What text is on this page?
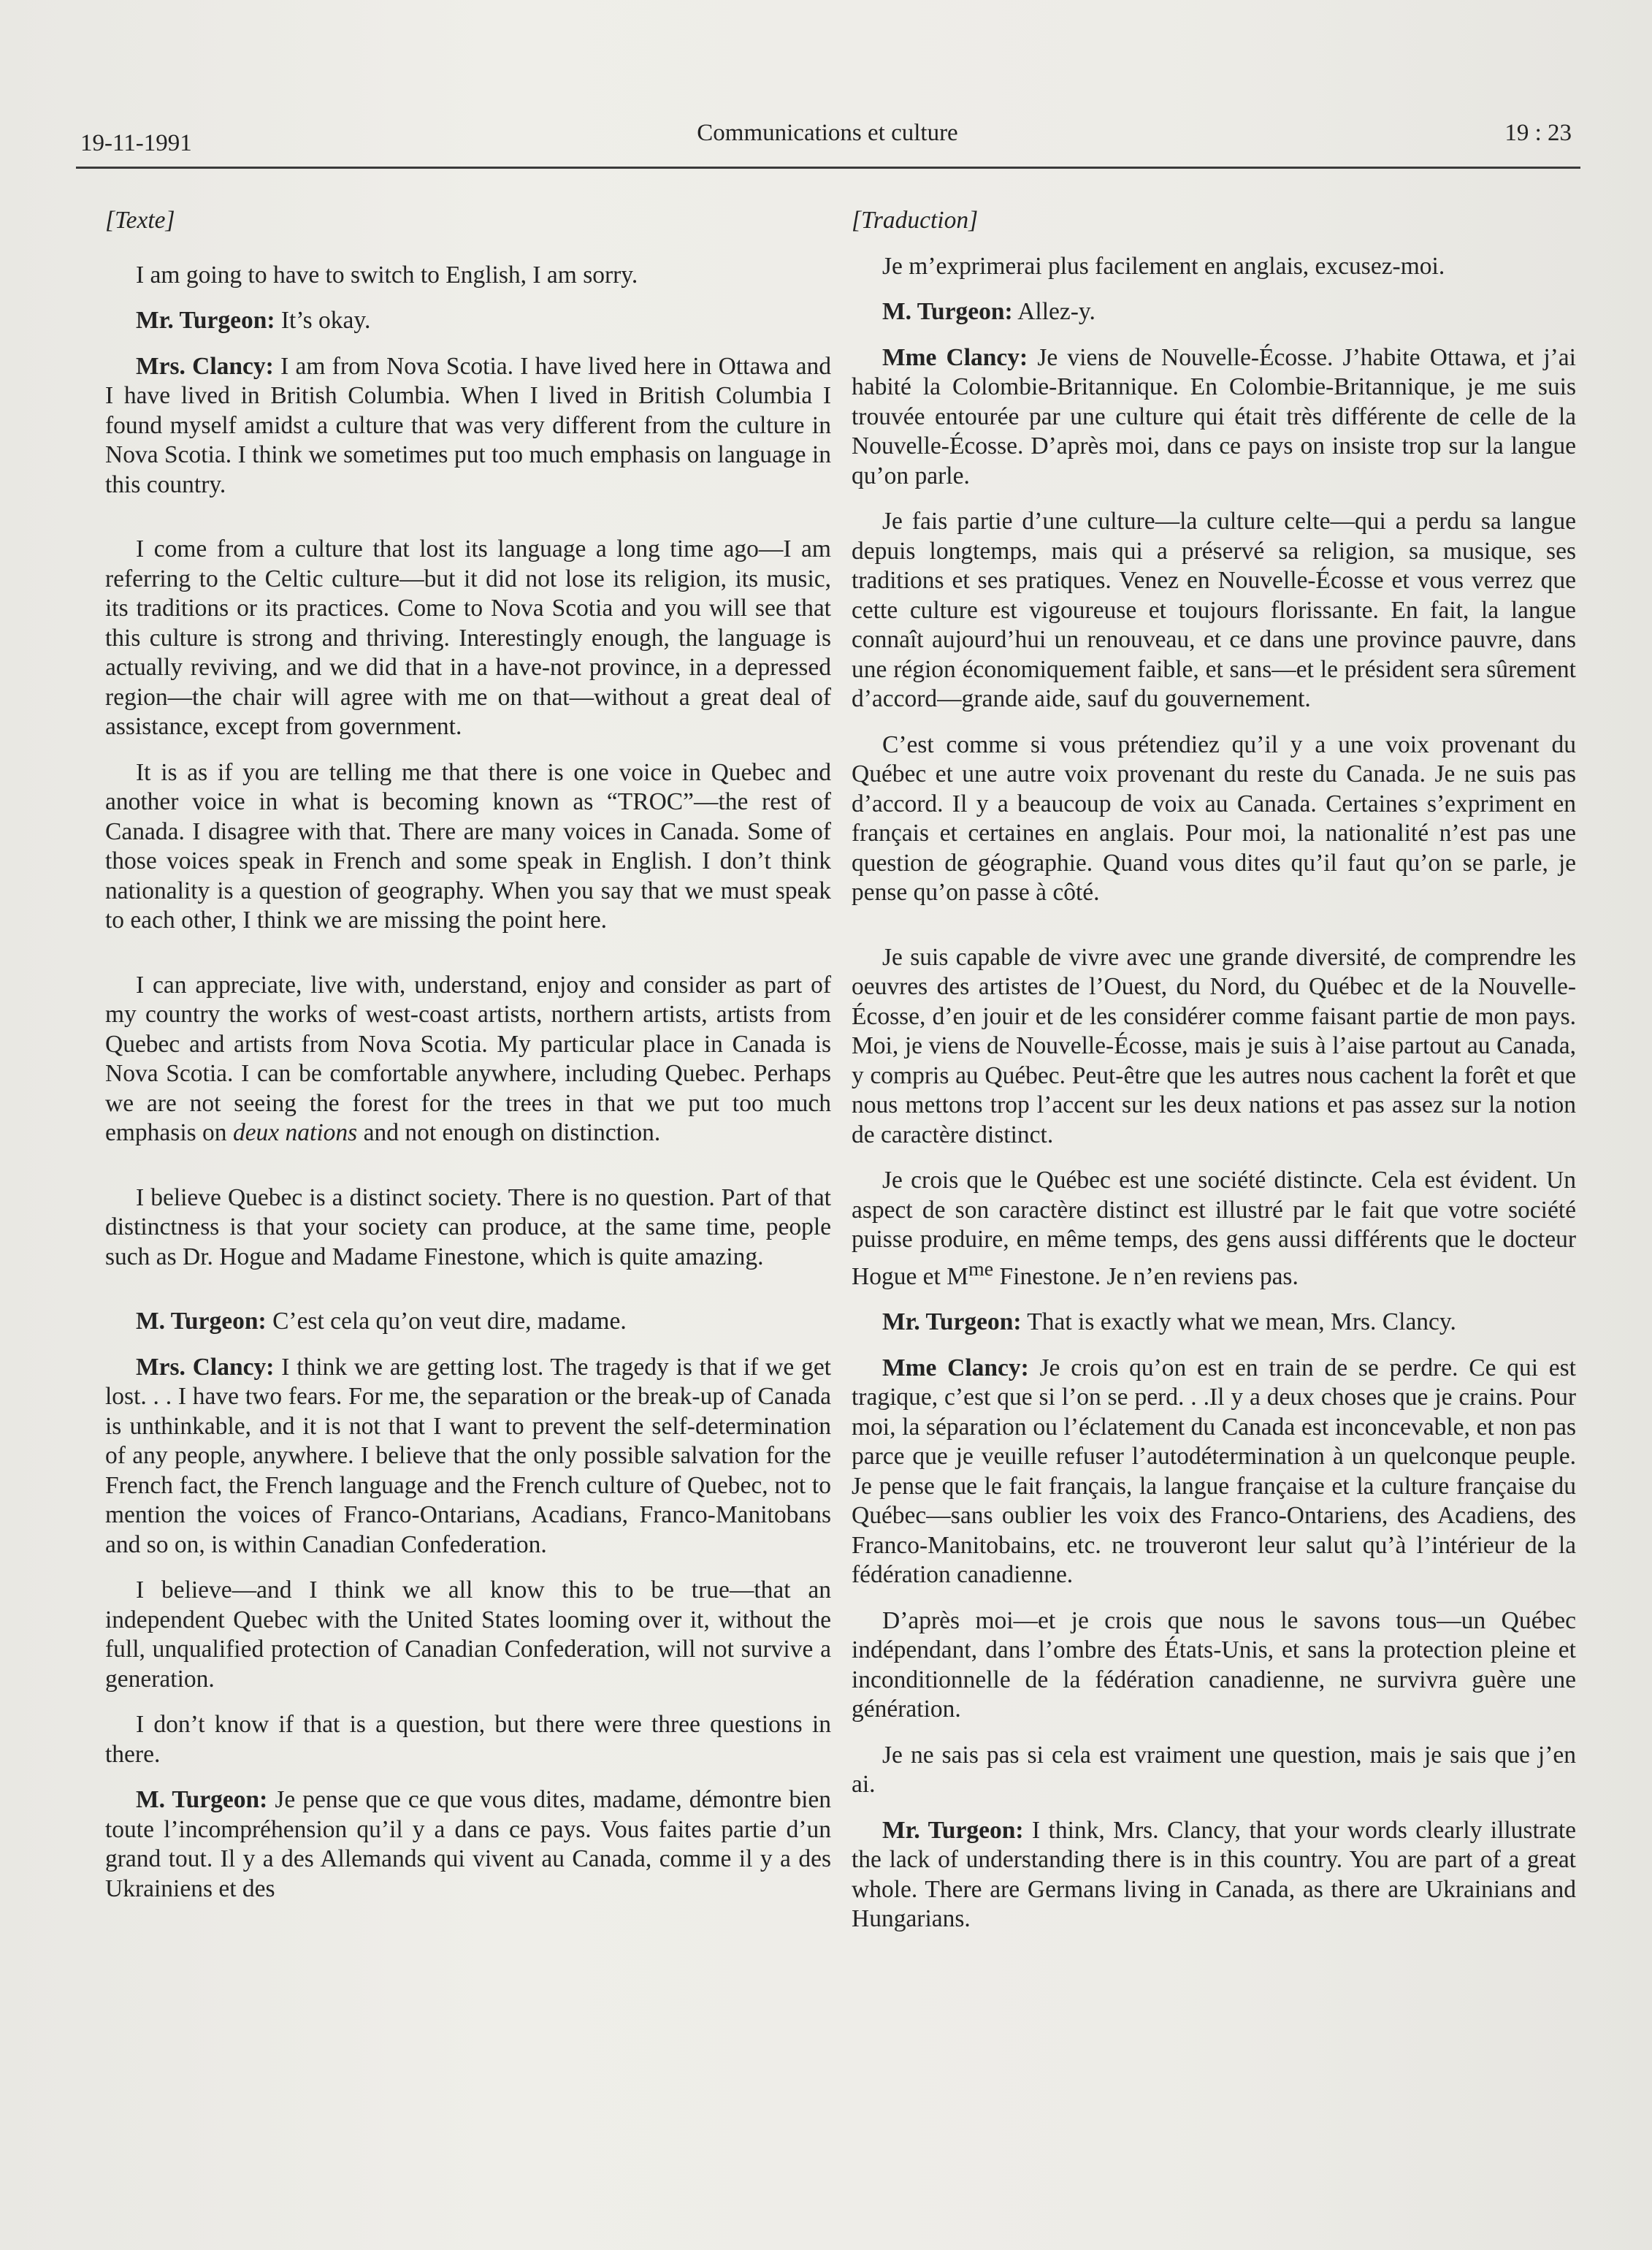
19-11-1991	Communications et culture	19 : 23

[Texte]

I am going to have to switch to English, I am sorry.

Mr. Turgeon: It’s okay.

Mrs. Clancy: I am from Nova Scotia. I have lived here in Ottawa and I have lived in British Columbia. When I lived in British Columbia I found myself amidst a culture that was very different from the culture in Nova Scotia. I think we sometimes put too much emphasis on language in this country.

I come from a culture that lost its language a long time ago—I am referring to the Celtic culture—but it did not lose its religion, its music, its traditions or its practices. Come to Nova Scotia and you will see that this culture is strong and thriving. Interestingly enough, the language is actually reviving, and we did that in a have-not province, in a depressed region—the chair will agree with me on that—without a great deal of assistance, except from government.

It is as if you are telling me that there is one voice in Quebec and another voice in what is becoming known as “TROC”—the rest of Canada. I disagree with that. There are many voices in Canada. Some of those voices speak in French and some speak in English. I don’t think nationality is a question of geography. When you say that we must speak to each other, I think we are missing the point here.

I can appreciate, live with, understand, enjoy and consider as part of my country the works of west-coast artists, northern artists, artists from Quebec and artists from Nova Scotia. My particular place in Canada is Nova Scotia. I can be comfortable anywhere, including Quebec. Perhaps we are not seeing the forest for the trees in that we put too much emphasis on deux nations and not enough on distinction.

I believe Quebec is a distinct society. There is no question. Part of that distinctness is that your society can produce, at the same time, people such as Dr. Hogue and Madame Finestone, which is quite amazing.

M. Turgeon: C’est cela qu’on veut dire, madame.

Mrs. Clancy: I think we are getting lost. The tragedy is that if we get lost. . . I have two fears. For me, the separation or the break-up of Canada is unthinkable, and it is not that I want to prevent the self-determination of any people, anywhere. I believe that the only possible salvation for the French fact, the French language and the French culture of Quebec, not to mention the voices of Franco-Ontarians, Acadians, Franco-Manitobans and so on, is within Canadian Confederation.

I believe—and I think we all know this to be true—that an independent Quebec with the United States looming over it, without the full, unqualified protection of Canadian Confederation, will not survive a generation.

I don’t know if that is a question, but there were three questions in there.

M. Turgeon: Je pense que ce que vous dites, madame, démontre bien toute l’incompréhension qu’il y a dans ce pays. Vous faites partie d’un grand tout. Il y a des Allemands qui vivent au Canada, comme il y a des Ukrainiens et des

[Traduction]

Je m’exprimerai plus facilement en anglais, excusez-moi.

M. Turgeon: Allez-y.

Mme Clancy: Je viens de Nouvelle-Écosse. J’habite Ottawa, et j’ai habité la Colombie-Britannique. En Colombie-Britannique, je me suis trouvée entourée par une culture qui était très différente de celle de la Nouvelle-Écosse. D’après moi, dans ce pays on insiste trop sur la langue qu’on parle.

Je fais partie d’une culture—la culture celte—qui a perdu sa langue depuis longtemps, mais qui a préservé sa religion, sa musique, ses traditions et ses pratiques. Venez en Nouvelle-Écosse et vous verrez que cette culture est vigoureuse et toujours florissante. En fait, la langue connaît aujourd’hui un renouveau, et ce dans une province pauvre, dans une région économiquement faible, et sans—et le président sera sûrement d’accord—grande aide, sauf du gouvernement.

C’est comme si vous prétendiez qu’il y a une voix provenant du Québec et une autre voix provenant du reste du Canada. Je ne suis pas d’accord. Il y a beaucoup de voix au Canada. Certaines s’expriment en français et certaines en anglais. Pour moi, la nationalité n’est pas une question de géographie. Quand vous dites qu’il faut qu’on se parle, je pense qu’on passe à côté.

Je suis capable de vivre avec une grande diversité, de comprendre les oeuvres des artistes de l’Ouest, du Nord, du Québec et de la Nouvelle-Écosse, d’en jouir et de les considérer comme faisant partie de mon pays. Moi, je viens de Nouvelle-Écosse, mais je suis à l’aise partout au Canada, y compris au Québec. Peut-être que les autres nous cachent la forêt et que nous mettons trop l’accent sur les deux nations et pas assez sur la notion de caractère distinct.

Je crois que le Québec est une société distincte. Cela est évident. Un aspect de son caractère distinct est illustré par le fait que votre société puisse produire, en même temps, des gens aussi différents que le docteur Hogue et $M^{me}$ Finestone. Je n’en reviens pas.

Mr. Turgeon: That is exactly what we mean, Mrs. Clancy.

Mme Clancy: Je crois qu’on est en train de se perdre. Ce qui est tragique, c’est que si l’on se perd. . .Il y a deux choses que je crains. Pour moi, la séparation ou l’éclatement du Canada est inconcevable, et non pas parce que je veuille refuser l’autodétermination à un quelconque peuple. Je pense que le fait français, la langue française et la culture française du Québec—sans oublier les voix des Franco-Ontariens, des Acadiens, des Franco-Manitobains, etc. ne trouveront leur salut qu’à l’intérieur de la fédération canadienne.

D’après moi—et je crois que nous le savons tous—un Québec indépendant, dans l’ombre des États-Unis, et sans la protection pleine et inconditionnelle de la fédération canadienne, ne survivra guère une génération.

Je ne sais pas si cela est vraiment une question, mais je sais que j’en ai.

Mr. Turgeon: I think, Mrs. Clancy, that your words clearly illustrate the lack of understanding there is in this country. You are part of a great whole. There are Germans living in Canada, as there are Ukrainians and Hungarians.
